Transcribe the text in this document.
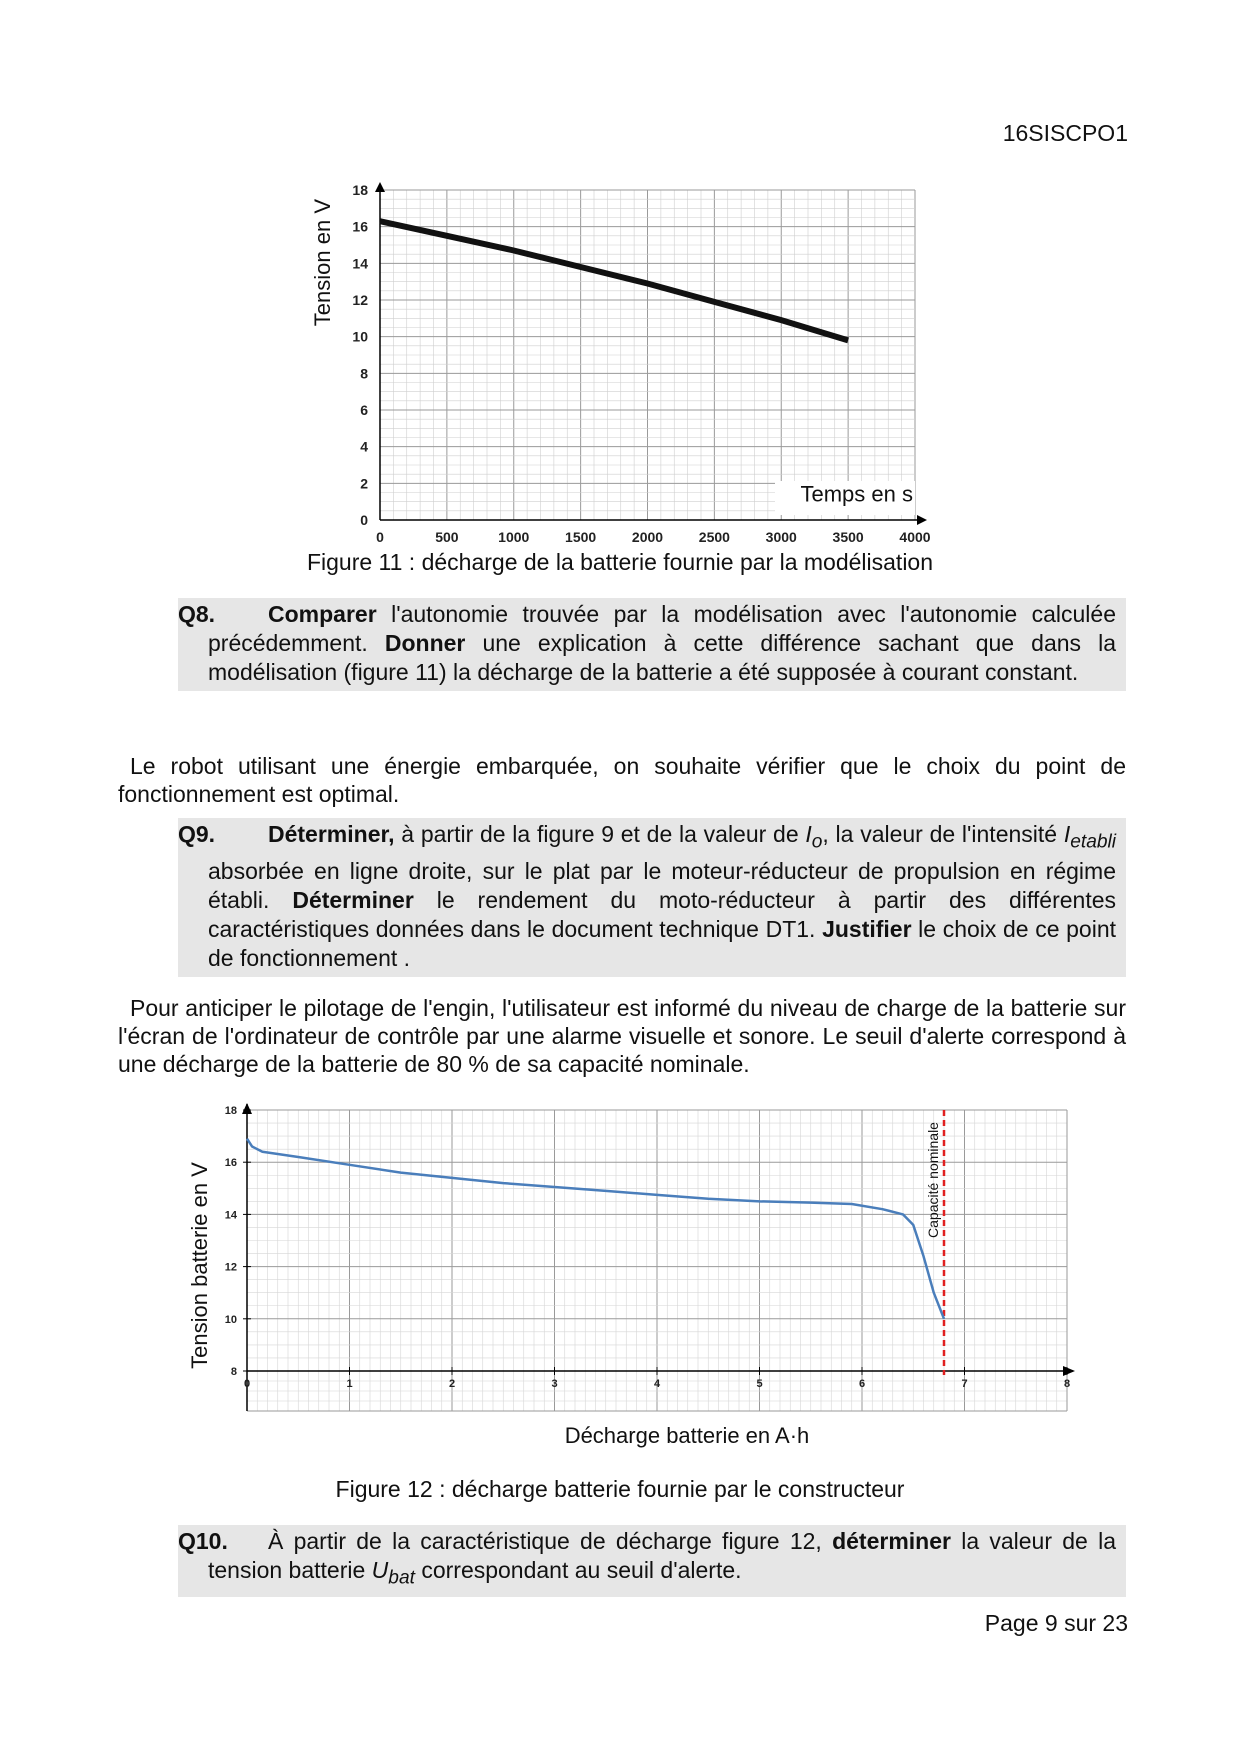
16SISCPO1
0	500	1000	1500	2000	2500	3000	3500	4000
0
2
4
6
8
10
12
14
16
18
Tension en V
Temps en s
Figure 11 : décharge de la batterie fournie par la modélisation
Q8. Comparer l'autonomie trouvée par la modélisation avec l'autonomie calculée précédemment. Donner une explication à cette différence sachant que dans la modélisation (figure 11) la décharge de la batterie a été supposée à courant constant.
Le robot utilisant une énergie embarquée, on souhaite vérifier que le choix du point de fonctionnement est optimal.
Q9. Déterminer, à partir de la figure 9 et de la valeur de $I_o$, la valeur de l'intensité $I_{etabli}$ absorbée en ligne droite, sur le plat par le moteur-réducteur de propulsion en régime établi. Déterminer le rendement du moto-réducteur à partir des différentes caractéristiques données dans le document technique DT1. Justifier le choix de ce point de fonctionnement .
Pour anticiper le pilotage de l'engin, l'utilisateur est informé du niveau de charge de la batterie sur l'écran de l'ordinateur de contrôle par une alarme visuelle et sonore. Le seuil d'alerte correspond à une décharge de la batterie de 80 % de sa capacité nominale.
0	1	2	3	4	5	6	7	8
8
10
12
14
16
18
Capacité nominale
Tension batterie en V
Décharge batterie en A·h
Figure 12 : décharge batterie fournie par le constructeur
Q10. À partir de la caractéristique de décharge figure 12, déterminer la valeur de la tension batterie $U_{bat}$ correspondant au seuil d'alerte.
Page 9 sur 23
